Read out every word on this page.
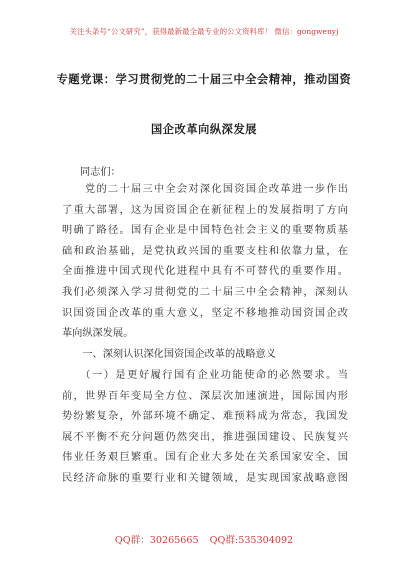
关注头条号“公文研究”，获得最新最全最专业的公文资料库！ 微信：gongwenyj
专题党课：学习贯彻党的二十届三中全会精神，推动国资
国企改革向纵深发展
同志们：
　　党的二十届三中全会对深化国资国企改革进一步作出
了重大部署，这为国资国企在新征程上的发展指明了方向
明确了路径。国有企业是中国特色社会主义的重要物质基
础和政治基础，是党执政兴国的重要支柱和依靠力量，在
全面推进中国式现代化进程中具有不可替代的重要作用。
我们必须深入学习贯彻党的二十届三中全会精神，深刻认
识国资国企改革的重大意义，坚定不移地推动国资国企改
革向纵深发展。
　　一、深刻认识深化国资国企改革的战略意义
　　（一）是更好履行国有企业功能使命的必然要求。当
前，世界百年变局全方位、深层次加速演进，国际国内形
势纷繁复杂，外部环境不确定、难预料成为常态，我国发
展不平衡不充分问题仍然突出，推进强国建设、民族复兴
伟业任务艰巨繁重。国有企业大多处在关系国家安全、国
民经济命脉的重要行业和关键领域，是实现国家战略意图
QQ群：30265665 QQ群:535304092
